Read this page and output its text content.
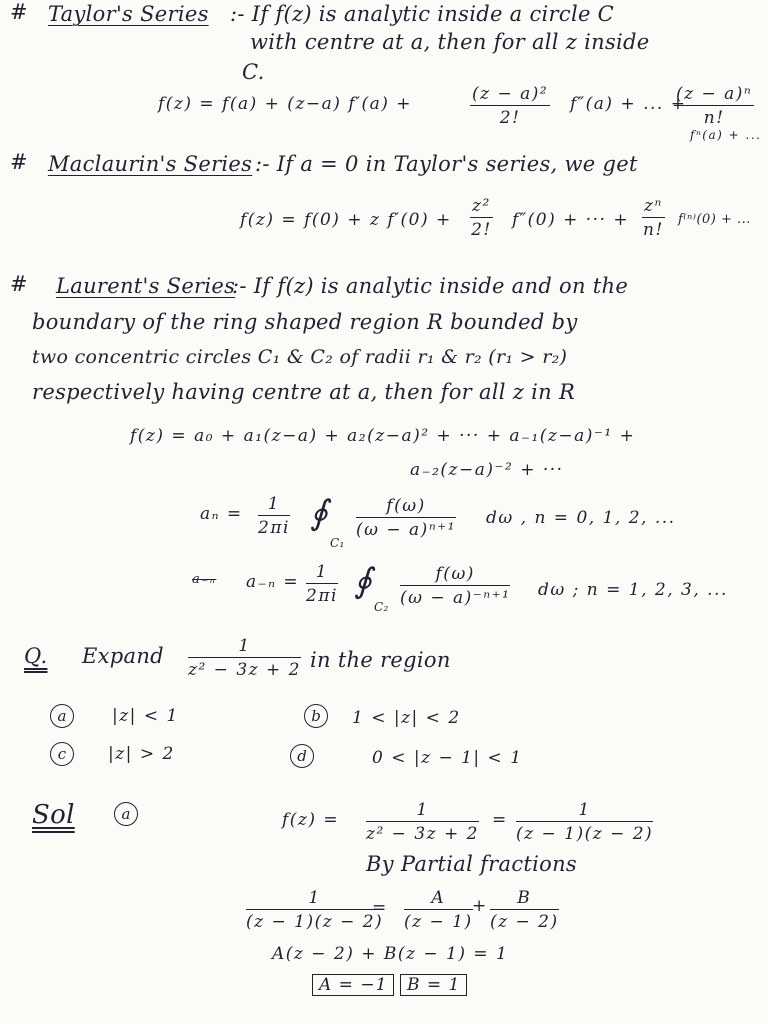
# Taylor's Series :- If f(z) is analytic inside a circle C
with centre at a, then for all z inside
C.
f(z) = f(a) + (z−a) f′(a) +	$\frac{\text{(z − a)²}}{2!} f''(a)$ + ... +
$\frac{\text{(z − a)ⁿ}}{n!}$
fⁿ(a) + ...
# Maclaurin's Series :- If a = 0 in Taylor's series, we get
f(z) = f(0) + z $f'(0) + \frac{\text{z²}}{2!} f''(0)$ + ··· + $\frac{\text{zⁿ}}{n!} f^{(n)}(0)$ + ...
# Laurent's Series
:- If f(z) is analytic inside and on the
boundary of the ring shaped region R bounded by
two concentric circles C₁ & C₂ of radii r₁ & r₂ (r₁ > r₂)
respectively having centre at a, then for all z in R
f(z) = a₀ + a₁(z−a) + a₂(z−a)² + ··· + a₋₁(z−a)⁻¹ +
a₋₂(z−a)⁻² + ···
$a_n = \frac{1}{2\pi i}$ ∮
C₁
$\frac{f(\omega)}{\text{(ω − a)ⁿ⁺¹}}$ dω , n = 0, 1, 2, ...
a₋ₙ $a_{-n} = \frac{1}{2\pi i}$ ∮
$C_2 \frac{f(\omega)}{\text{(ω − a)⁻ⁿ⁺¹}}$ dω ; n = 1, 2, 3, ...
Q. Expand $\frac{1}{\text{z² − 3z + 2}}$ in the region
a	|z| < 1	b	1 < |z| < 2
c	|z| > 2	d	0 < |z − 1| < 1
Sol	a	$f(z) = \frac{1}{\text{z² − 3z + 2}} = \frac{1}{(z - 1)(z - 2)}$
By Partial fractions
$\frac{1}{(z - 1)(z - 2)}$
= $\frac{A}{(z - 1)} + \frac{B}{(z - 2)}$
A(z − 2) + B(z − 1) = 1
A = −1	B = 1
